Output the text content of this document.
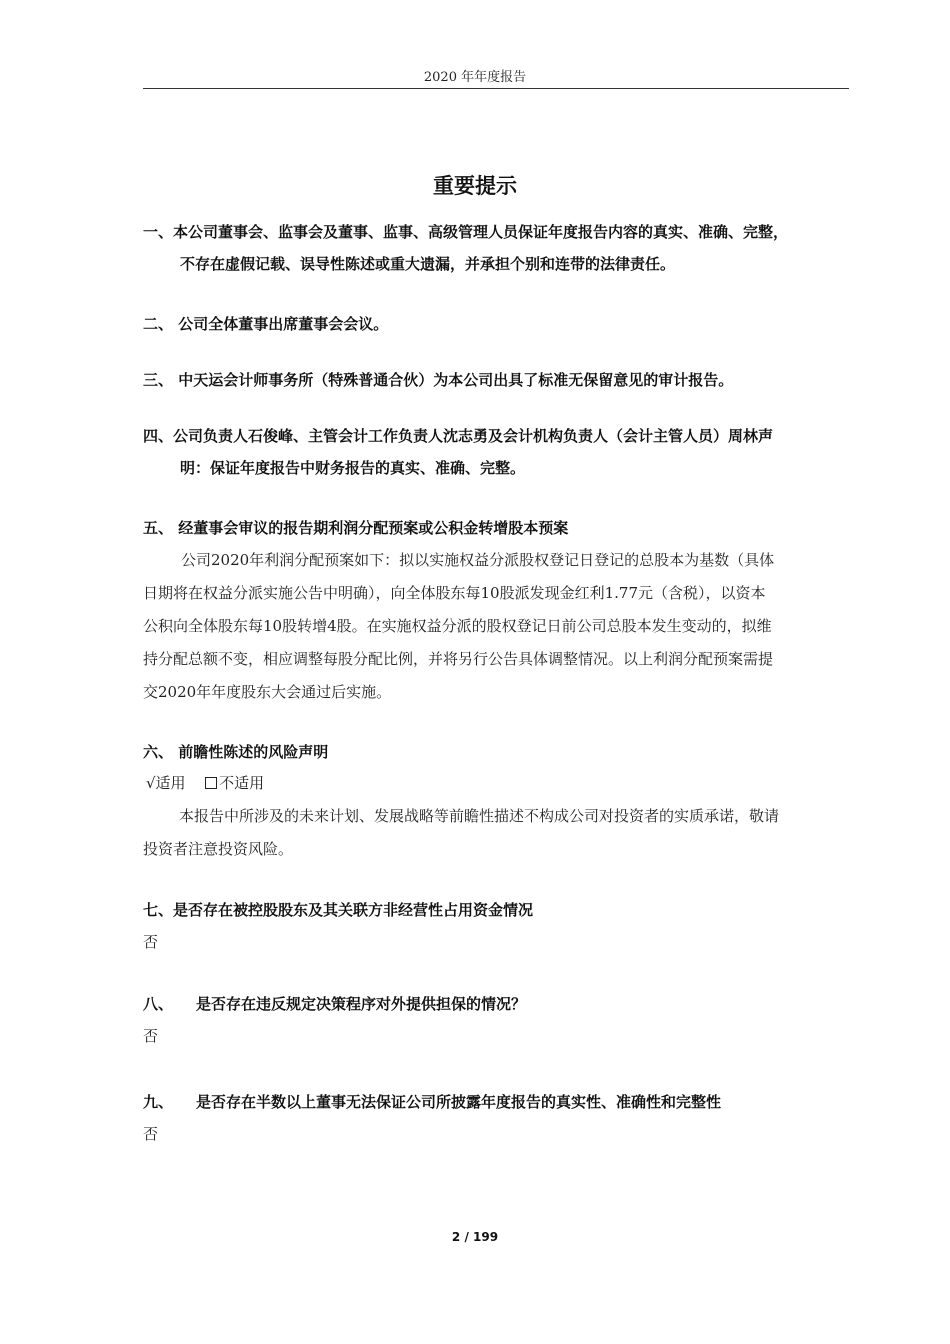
2020 年年度报告
重要提示
一、本公司董事会、监事会及董事、监事、高级管理人员保证年度报告内容的真实、准确、完整，
不存在虚假记载、误导性陈述或重大遗漏，并承担个别和连带的法律责任。
二、 公司全体董事出席董事会会议。
三、 中天运会计师事务所（特殊普通合伙）为本公司出具了标准无保留意见的审计报告。
四、公司负责人石俊峰、主管会计工作负责人沈志勇及会计机构负责人（会计主管人员）周林声
明：保证年度报告中财务报告的真实、准确、完整。
五、 经董事会审议的报告期利润分配预案或公积金转增股本预案
公司2020年利润分配预案如下：拟以实施权益分派股权登记日登记的总股本为基数（具体
日期将在权益分派实施公告中明确），向全体股东每10股派发现金红利1.77元（含税），以资本
公积向全体股东每10股转增4股。在实施权益分派的股权登记日前公司总股本发生变动的，拟维
持分配总额不变，相应调整每股分配比例，并将另行公告具体调整情况。以上利润分配预案需提
交2020年年度股东大会通过后实施。
六、 前瞻性陈述的风险声明
√适用 不适用
本报告中所涉及的未来计划、发展战略等前瞻性描述不构成公司对投资者的实质承诺，敬请
投资者注意投资风险。
七、是否存在被控股股东及其关联方非经营性占用资金情况
否
八、 是否存在违反规定决策程序对外提供担保的情况？
否
九、 是否存在半数以上董事无法保证公司所披露年度报告的真实性、准确性和完整性
否
2 / 199
